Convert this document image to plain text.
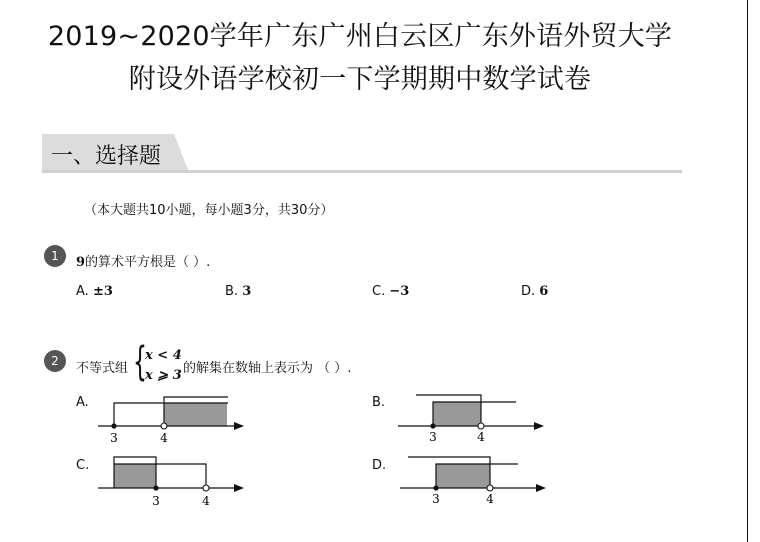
2019~2020学年广东广州白云区广东外语外贸大学
附设外语学校初一下学期期中数学试卷
一、选择题
（本大题共10小题，每小题3分，共30分）
1	9的算术平方根是（ ）.
A. ±3	B. 3	C. −3	D. 6
2	不等式组 {
x < 4
x ⩾ 3 的解集在数轴上表示为 （ ）.
A.	B.
C.	D.
3	4	3	4
3	4	3	4
